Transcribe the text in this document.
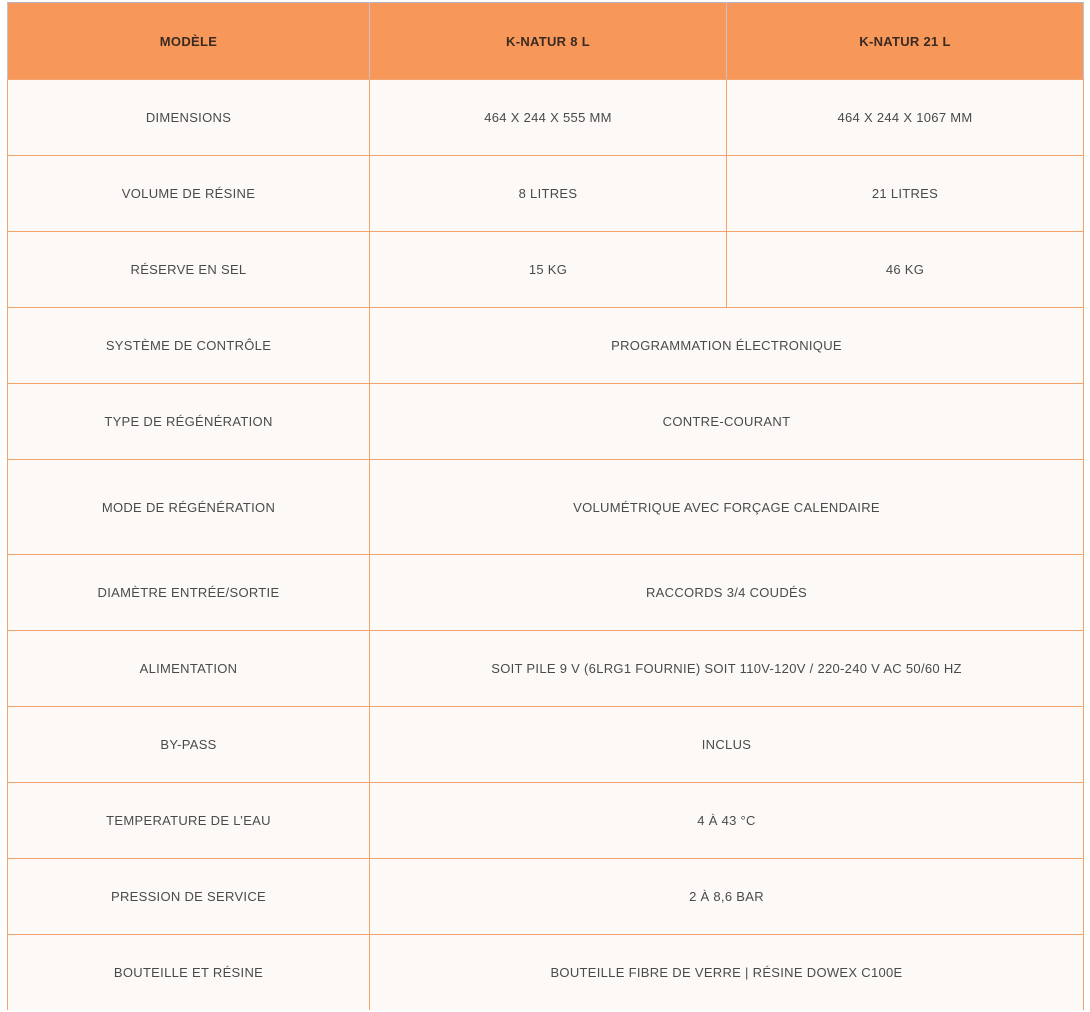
MODÈLE	K-NATUR 8 L	K-NATUR 21 L
DIMENSIONS	464 X 244 X 555 MM	464 X 244 X 1067 MM
VOLUME DE RÉSINE	8 LITRES	21 LITRES
RÉSERVE EN SEL	15 KG	46 KG
SYSTÈME DE CONTRÔLE	PROGRAMMATION ÉLECTRONIQUE	
TYPE DE RÉGÉNÉRATION	CONTRE-COURANT	
MODE DE RÉGÉNÉRATION	VOLUMÉTRIQUE AVEC FORÇAGE CALENDAIRE	
DIAMÈTRE ENTRÉE/SORTIE	RACCORDS 3/4 COUDÉS	
ALIMENTATION	SOIT PILE 9 V (6LRG1 FOURNIE) SOIT 110V-120V / 220-240 V AC 50/60 HZ	
BY-PASS	INCLUS	
TEMPERATURE DE L’EAU	4 À 43 °C	
PRESSION DE SERVICE	2 À 8,6 BAR	
BOUTEILLE ET RÉSINE	BOUTEILLE FIBRE DE VERRE | RÉSINE DOWEX C100E	
